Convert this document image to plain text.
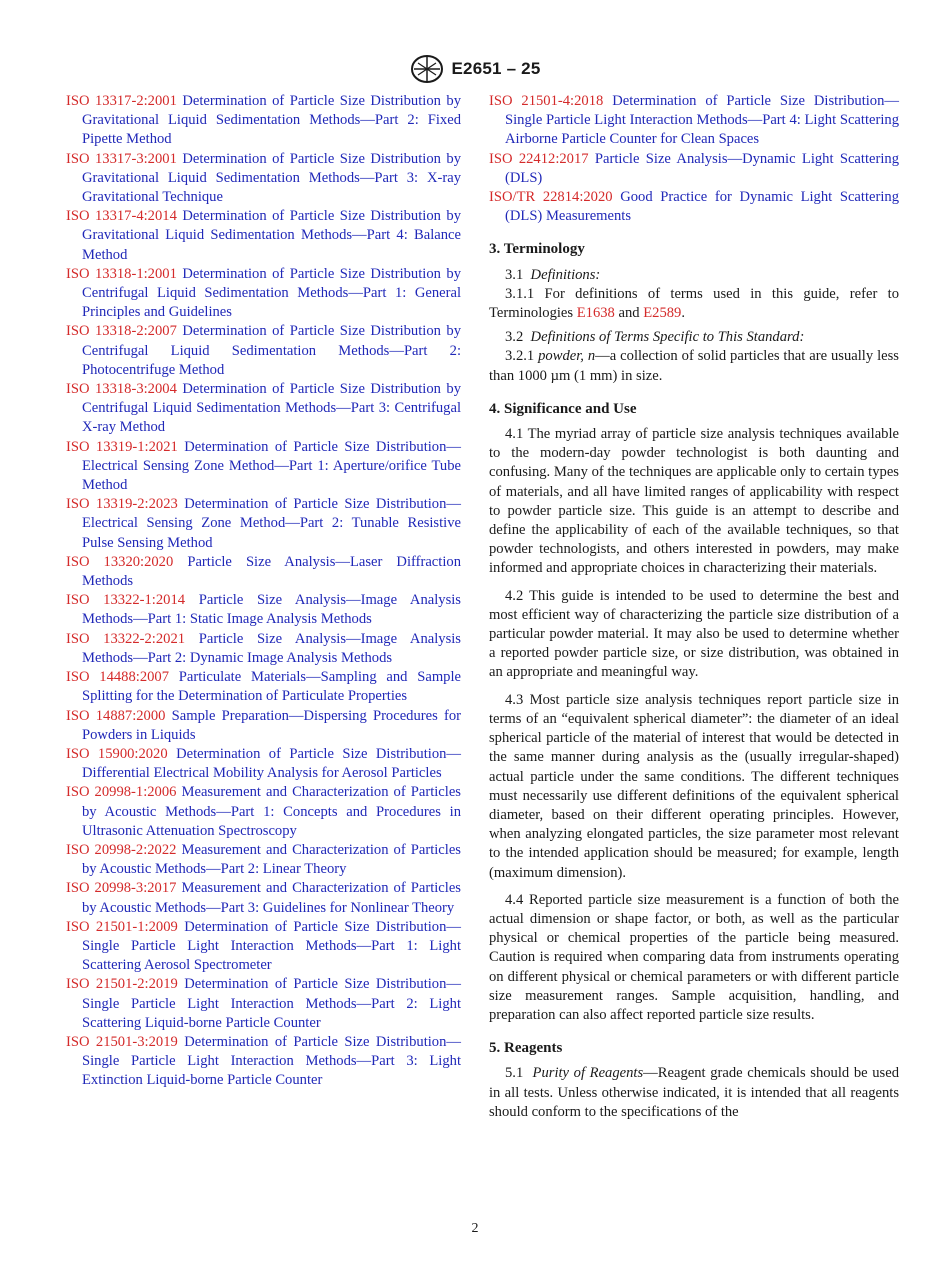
E2651 – 25

ISO 13317-2:2001 Determination of Particle Size Distribution by Gravitational Liquid Sedimentation Methods—Part 2: Fixed Pipette Method

ISO 13317-3:2001 Determination of Particle Size Distribution by Gravitational Liquid Sedimentation Methods—Part 3: X-ray Gravitational Technique

ISO 13317-4:2014 Determination of Particle Size Distribution by Gravitational Liquid Sedimentation Methods—Part 4: Balance Method

ISO 13318-1:2001 Determination of Particle Size Distribution by Centrifugal Liquid Sedimentation Methods—Part 1: General Principles and Guidelines

ISO 13318-2:2007 Determination of Particle Size Distribution by Centrifugal Liquid Sedimentation Methods—Part 2: Photocentrifuge Method

ISO 13318-3:2004 Determination of Particle Size Distribution by Centrifugal Liquid Sedimentation Methods—Part 3: Centrifugal X-ray Method

ISO 13319-1:2021 Determination of Particle Size Distribution—Electrical Sensing Zone Method—Part 1: Aperture/orifice Tube Method

ISO 13319-2:2023 Determination of Particle Size Distribution—Electrical Sensing Zone Method—Part 2: Tunable Resistive Pulse Sensing Method

ISO 13320:2020 Particle Size Analysis—Laser Diffraction Methods

ISO 13322-1:2014 Particle Size Analysis—Image Analysis Methods—Part 1: Static Image Analysis Methods

ISO 13322-2:2021 Particle Size Analysis—Image Analysis Methods—Part 2: Dynamic Image Analysis Methods

ISO 14488:2007 Particulate Materials—Sampling and Sample Splitting for the Determination of Particulate Properties

ISO 14887:2000 Sample Preparation—Dispersing Procedures for Powders in Liquids

ISO 15900:2020 Determination of Particle Size Distribution—Differential Electrical Mobility Analysis for Aerosol Particles

ISO 20998-1:2006 Measurement and Characterization of Particles by Acoustic Methods—Part 1: Concepts and Procedures in Ultrasonic Attenuation Spectroscopy

ISO 20998-2:2022 Measurement and Characterization of Particles by Acoustic Methods—Part 2: Linear Theory

ISO 20998-3:2017 Measurement and Characterization of Particles by Acoustic Methods—Part 3: Guidelines for Nonlinear Theory

ISO 21501-1:2009 Determination of Particle Size Distribution—Single Particle Light Interaction Methods—Part 1: Light Scattering Aerosol Spectrometer

ISO 21501-2:2019 Determination of Particle Size Distribution—Single Particle Light Interaction Methods—Part 2: Light Scattering Liquid-borne Particle Counter

ISO 21501-3:2019 Determination of Particle Size Distribution—Single Particle Light Interaction Methods—Part 3: Light Extinction Liquid-borne Particle Counter

ISO 21501-4:2018 Determination of Particle Size Distribution—Single Particle Light Interaction Methods—Part 4: Light Scattering Airborne Particle Counter for Clean Spaces

ISO 22412:2017 Particle Size Analysis—Dynamic Light Scattering (DLS)

ISO/TR 22814:2020 Good Practice for Dynamic Light Scattering (DLS) Measurements

3. Terminology

3.1 Definitions:

3.1.1 For definitions of terms used in this guide, refer to Terminologies E1638 and E2589.

3.2 Definitions of Terms Specific to This Standard:

3.2.1 powder, n—a collection of solid particles that are usually less than 1000 µm (1 mm) in size.

4. Significance and Use

4.1 The myriad array of particle size analysis techniques available to the modern-day powder technologist is both daunting and confusing. Many of the techniques are applicable only to certain types of materials, and all have limited ranges of applicability with respect to powder particle size. This guide is an attempt to describe and define the applicability of each of the available techniques, so that powder technologists, and others interested in powders, may make informed and appropriate choices in characterizing their materials.

4.2 This guide is intended to be used to determine the best and most efficient way of characterizing the particle size distribution of a particular powder material. It may also be used to determine whether a reported powder particle size, or size distribution, was obtained in an appropriate and meaningful way.

4.3 Most particle size analysis techniques report particle size in terms of an “equivalent spherical diameter”: the diameter of an ideal spherical particle of the material of interest that would be detected in the same manner during analysis as the (usually irregular-shaped) actual particle under the same conditions. The different techniques must necessarily use different definitions of the equivalent spherical diameter, based on their different operating principles. However, when analyzing elongated particles, the size parameter most relevant to the intended application should be measured; for example, length (maximum dimension).

4.4 Reported particle size measurement is a function of both the actual dimension or shape factor, or both, as well as the particular physical or chemical properties of the particle being measured. Caution is required when comparing data from instruments operating on different physical or chemical parameters or with different particle size measurement ranges. Sample acquisition, handling, and preparation can also affect reported particle size results.

5. Reagents

5.1 Purity of Reagents—Reagent grade chemicals should be used in all tests. Unless otherwise indicated, it is intended that all reagents should conform to the specifications of the

2
